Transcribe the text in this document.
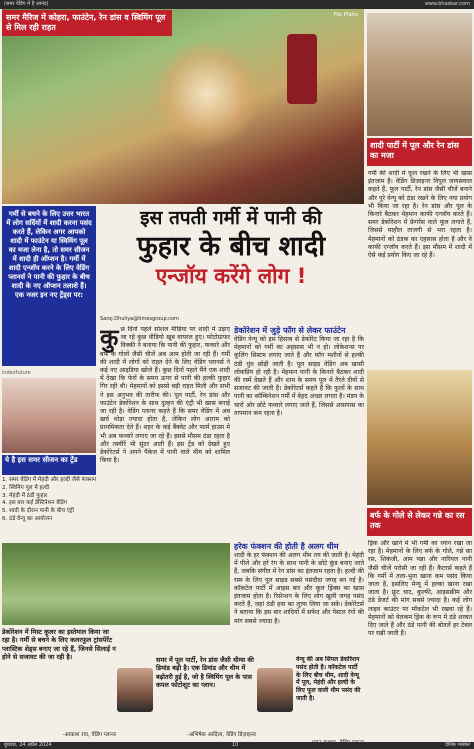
(समर वेडिंग में है आनंद)	www.bhaskar.com
File Photo
समर मैरिज में कोहरा, फाउंटेन, रेन डांस व स्विमिंग पूल से मिल रही राहत
शादी पार्टी में पूल और रेन डांस का मजा
गर्मी की शादी में फूल रखने के लिए भी खास इंतजाम है। वेडिंग डिजाइनर विपुल जायसवाल कहते हैं, फूल पार्टी, रेन डांस जैसी चीजें बनाने और पूरे वेन्यू को ठंडा रखने के लिए नया प्रयोग भी किया जा रहा है। रेन डांस और पूल के किनारे बैठकर मेहमान काफी एन्जॉय करते हैं। समर डेकोरेशन में फ्रेगरेंस वाले फूल लगाते हैं, जिससे माहौल ताजगी से भरा रहता है। मेहमानों को ठंडक का एहसास होता है और वे काफी एन्जॉय करते हैं। इस मौसम में शादी में ऐसे कई प्रयोग किए जा रहे हैं।
गर्मी से बचने के लिए उत्तर भारत में लोग सर्दियों में शादी करना पसंद करते हैं, लेकिन अगर आपको शादी में फाउंटेन या स्विमिंग पूल का मजा लेना है, तो समर सीजन में शादी ही ऑप्शन है। गर्मी में शादी एन्जॉय करने के लिए वेडिंग प्लानर्स ने पानी की फुहार के बीच शादी के नए ऑप्शन तलाशे हैं। एक नजर इन नए ट्रेंड्स पर:
इस तपती गर्मी में पानी की
फुहार के बीच शादी
एन्जॉय करेंगे लोग !
Saroj.Dhuliya@timesgroup.com
indexfuture
ये है इस समर सीजन का ट्रेंड
1. समर वेडिंग में मेहंदी और हल्दी जैसे फंक्शन
2. स्विमिंग पूल में हल्दी
3. मेहंदी में ठंडी फुहार
4. इस बार कई डेस्टिनेशन वेडिंग
5. शादी के दौरान पानी के बीच एंट्री
6. ठंडे वेन्यू का आयोजन
कु छ दिनों पहले सोशल मीडिया पर शादी में उड़ाए जा रहे कुछ वीडियो खूब वायरल हुए। फोटोग्राफर विक्की ने बताया कि पानी की फुहार, फव्वारे और बर्फ के गोलों जैसी चीजें अब आम होती जा रही हैं। गर्मी की शादी में लोगों को राहत देने के लिए वेडिंग प्लानर्स ने कई नए आइडिया खोजे हैं। कुछ दिनों पहले मैंने एक शादी में देखा कि फेरों के समय ऊपर से पानी की हल्की फुहार गिर रही थी। मेहमानों को इससे बड़ी राहत मिली और सभी ने इस अनुभव की तारीफ की। पूल पार्टी, रेन डांस और फाउंटेन डेकोरेशन के साथ दुल्हन की एंट्री भी खास बनाई जा रही है। वेडिंग प्लानर कहते हैं कि समर वेडिंग में अब खर्च थोड़ा ज्यादा होता है, लेकिन लोग आराम को प्राथमिकता देते हैं। शहर के कई बैंक्वेट और फार्म हाउस में भी अब फव्वारे लगाए जा रहे हैं। इससे मौसम ठंडा रहता है और तस्वीरें भी सुंदर आती हैं। इस ट्रेंड को देखते हुए डेकोरेटर्स ने अपने पैकेज में पानी वाले थीम को शामिल किया है।
डेकोरेशन में जुड़े फॉग से लेकर फाउंटेन
वेडिंग वेन्यू को इस हिसाब से डेकोरेट किया जा रहा है कि मेहमानों को गर्मी का अहसास भी न हो। लोकेशन्स पर कूलिंग सिस्टम लगाए जाते हैं और फॉग मशीनों से हल्की ठंडी धुंध छोड़ी जाती है। पूल साइड वेडिंग अब खासी लोकप्रिय हो रही है। मेहमान पानी के किनारे बैठकर शादी की रस्में देखते हैं और शाम के समय पूल में तैरते दीयों से सजावट की जाती है। डेकोरेटर्स कहते हैं कि फूलों के साथ पानी का कॉम्बिनेशन गर्मी में बेहद अच्छा लगता है। मंडप के चारों ओर छोटे फव्वारे लगाए जाते हैं, जिससे आसपास का तापमान कम रहता है।
हरेक फंक्शन की होती है अलग थीम
शादी के हर फंक्शन की अलग थीम तय की जाती है। मेहंदी में पीले और हरे रंग के साथ पानी के छोटे कुंड बनाए जाते हैं, जबकि संगीत में रेन डांस का इंतजाम रहता है। हल्दी की रस्म के लिए पूल साइड सबसे पसंदीदा जगह बन गई है। कॉकटेल पार्टी में आइस बार और कूल ड्रिंक्स का खास इंतजाम होता है। रिसेप्शन के लिए लोग खुली जगह पसंद करते हैं, जहां ठंडी हवा का लुत्फ लिया जा सके। डेकोरेटर्स ने बताया कि इस बार शादियों में सफेद और पेस्टल रंगों की मांग सबसे ज्यादा है।
बर्फ के गोले से लेकर गन्ने का रस तक
ड्रिंक और खाने में भी गर्मी का ध्यान रखा जा रहा है। मेहमानों के लिए बर्फ के गोले, गन्ने का रस, शिकंजी, आम पन्ना और नारियल पानी जैसी चीजें परोसी जा रही हैं। कैटरर्स कहते हैं कि गर्मी में तला-भुना खाना कम पसंद किया जाता है, इसलिए मेन्यू में हल्का खाना रखा जाता है। फ्रूट चाट, कुल्फी, आइसक्रीम और ठंडे डेजर्ट की मांग सबसे ज्यादा है। कई लोग लाइव काउंटर पर मॉकटेल भी रखवा रहे हैं। मेहमानों को वेलकम ड्रिंक के रूप में ठंडे शरबत दिए जाते हैं और ठंडे पानी की बोतलें हर टेबल पर रखी जाती हैं।
डेकोरेशन में मिस्ट कूलर का इस्तेमाल किया जा रहा है। गर्मी से बचने के लिए कलरफुल ट्रांसपेरेंट प्लास्टिक शेड्स बनाए जा रहे हैं, जिनसे सिलाई न होने से सजावट की जा रही है।
-आकाश राव, वेडिंग प्लानर
समर में पूल पार्टी, रेन डांस जैसी थीम्स की डिमांड बढ़ी है। एक डिमांड और थीम में बढ़ोतरी हुई है, जो है स्विमिंग पूल के पास कपल फोटोशूट का प्लान।
-अभिषेक आदित्य, वेडिंग डिज़ाइनर
वेन्यू की अब सिंपल डेकोरेशन पसंद होती है। कॉकटेल पार्टी के लिए बीच थीम, शादी वेन्यू में पूल, मेहंदी और हल्दी के लिए फूल वाली थीम पसंद की जाती है।
बुधवार, 24 अप्रैल 2024	10	दैनिक भास्कर
